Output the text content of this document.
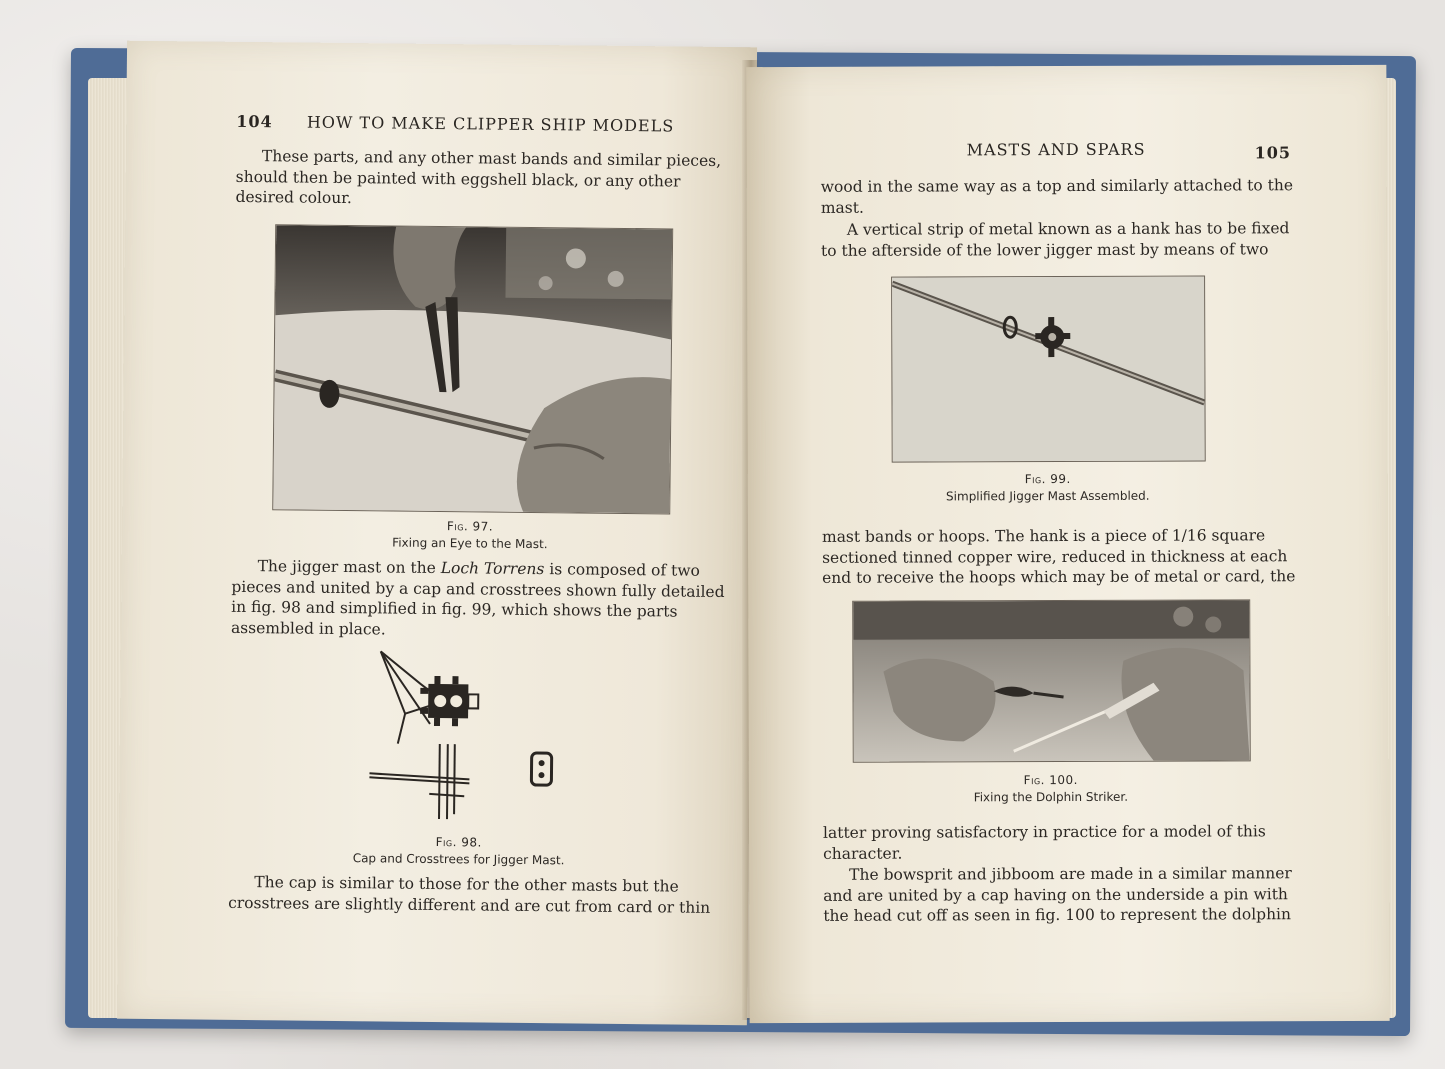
104 HOW TO MAKE CLIPPER SHIP MODELS
These parts, and any other mast bands and similar pieces,
should then be painted with eggshell black, or any other
desired colour.
Fig. 97.
Fixing an Eye to the Mast.
The jigger mast on the Loch Torrens is composed of two
pieces and united by a cap and crosstrees shown fully detailed
in fig. 98 and simplified in fig. 99, which shows the parts
assembled in place.
Fig. 98.
Cap and Crosstrees for Jigger Mast.
The cap is similar to those for the other masts but the
crosstrees are slightly different and are cut from card or thin
MASTS AND SPARS	105
wood in the same way as a top and similarly attached to the
mast.
A vertical strip of metal known as a hank has to be fixed
to the afterside of the lower jigger mast by means of two
Fig. 99.
Simplified Jigger Mast Assembled.
mast bands or hoops. The hank is a piece of 1/16 square
sectioned tinned copper wire, reduced in thickness at each
end to receive the hoops which may be of metal or card, the
Fig. 100.
Fixing the Dolphin Striker.
latter proving satisfactory in practice for a model of this
character.
The bowsprit and jibboom are made in a similar manner
and are united by a cap having on the underside a pin with
the head cut off as seen in fig. 100 to represent the dolphin
